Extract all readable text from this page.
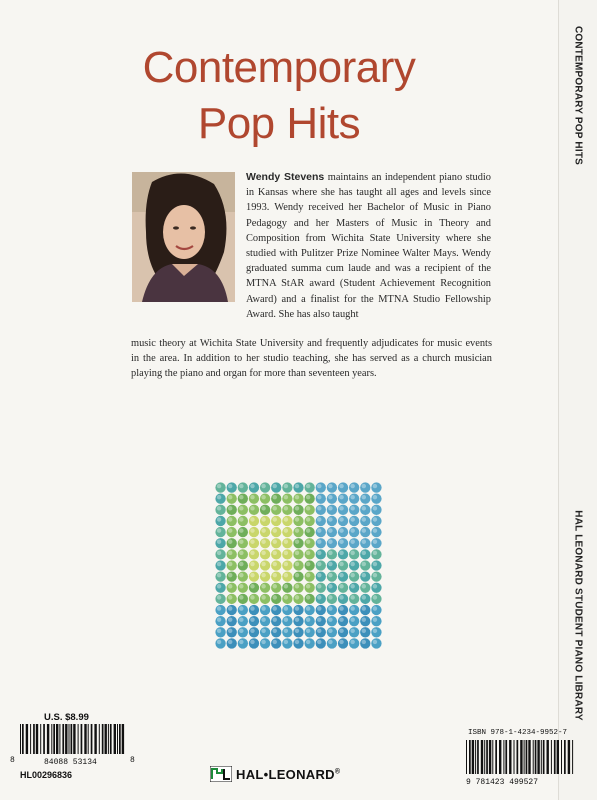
Contemporary
Pop Hits
Wendy Stevens maintains an independent piano studio in Kansas where she has taught all ages and levels since 1993. Wendy received her Bachelor of Music in Piano Pedagogy and her Masters of Music in Theory and Composition from Wichita State University where she studied with Pulitzer Prize Nominee Walter Mays. Wendy graduated summa cum laude and was a recipient of the MTNA StAR award (Student Achievement Recognition Award) and a finalist for the MTNA Studio Fellowship Award. She has also taught
music theory at Wichita State University and frequently adjudicates for music events in the area. In addition to her studio teaching, she has served as a church musician playing the piano and organ for more than seventeen years.
CONTEMPORARY POP HITS
HAL LEONARD STUDENT PIANO LIBRARY
U.S. $8.99
8	84088 53134	8
HL00296836	HAL•LEONARD®
ISBN 978-1-4234-9952-7
9 781423 499527
